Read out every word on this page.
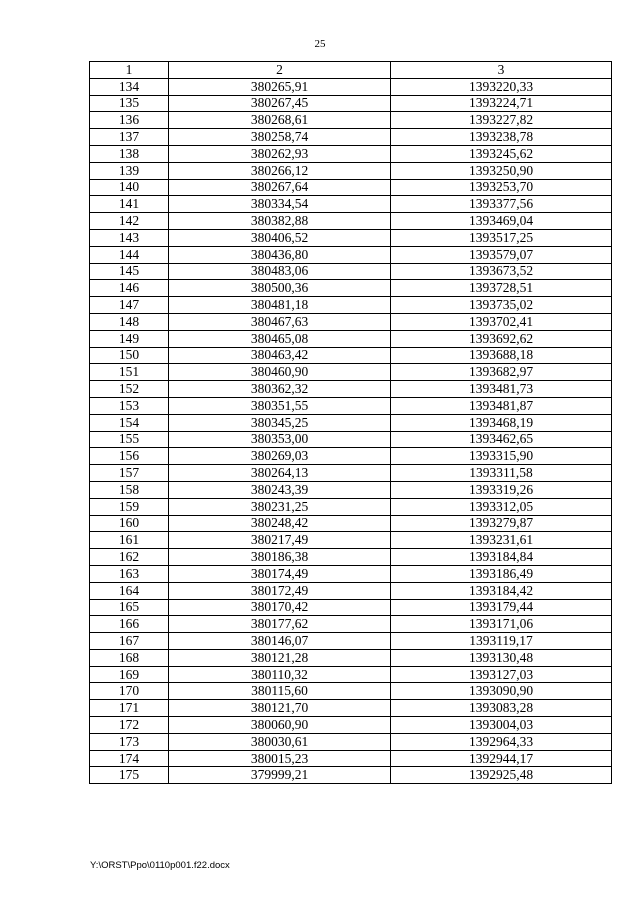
25
1	2	3
134	380265,91	1393220,33
135	380267,45	1393224,71
136	380268,61	1393227,82
137	380258,74	1393238,78
138	380262,93	1393245,62
139	380266,12	1393250,90
140	380267,64	1393253,70
141	380334,54	1393377,56
142	380382,88	1393469,04
143	380406,52	1393517,25
144	380436,80	1393579,07
145	380483,06	1393673,52
146	380500,36	1393728,51
147	380481,18	1393735,02
148	380467,63	1393702,41
149	380465,08	1393692,62
150	380463,42	1393688,18
151	380460,90	1393682,97
152	380362,32	1393481,73
153	380351,55	1393481,87
154	380345,25	1393468,19
155	380353,00	1393462,65
156	380269,03	1393315,90
157	380264,13	1393311,58
158	380243,39	1393319,26
159	380231,25	1393312,05
160	380248,42	1393279,87
161	380217,49	1393231,61
162	380186,38	1393184,84
163	380174,49	1393186,49
164	380172,49	1393184,42
165	380170,42	1393179,44
166	380177,62	1393171,06
167	380146,07	1393119,17
168	380121,28	1393130,48
169	380110,32	1393127,03
170	380115,60	1393090,90
171	380121,70	1393083,28
172	380060,90	1393004,03
173	380030,61	1392964,33
174	380015,23	1392944,17
175	379999,21	1392925,48
Y:\ORST\Ppo\0110p001.f22.docx
